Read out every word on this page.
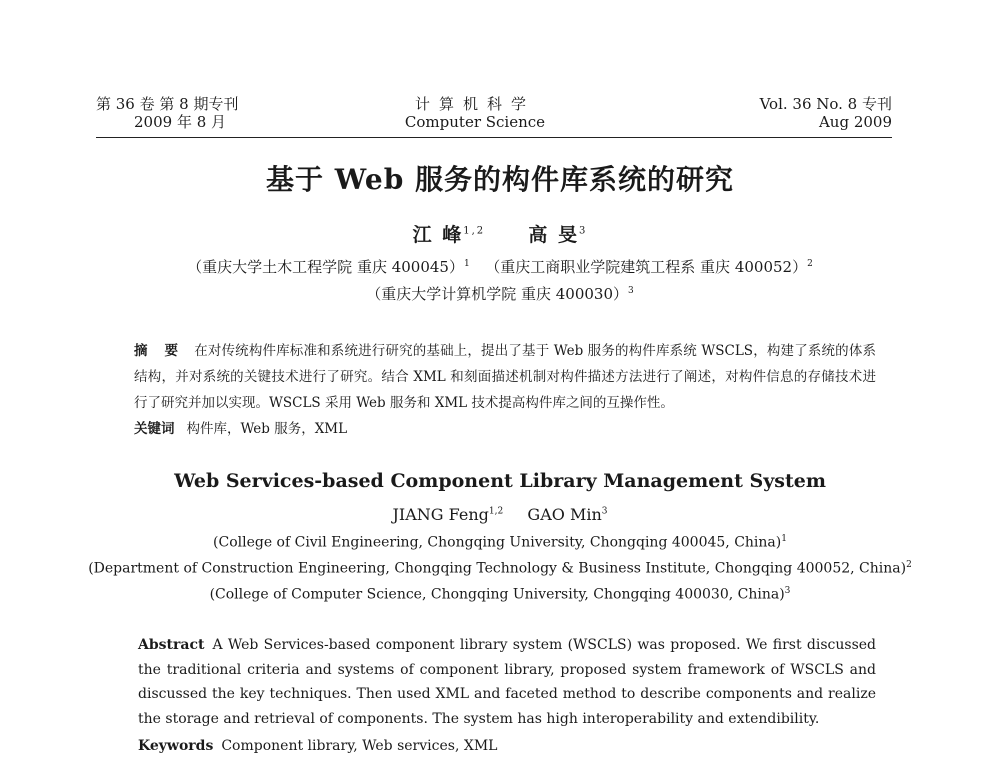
第 36 卷 第 8 期专刊
2009 年 8 月
计算机科学
Computer Science
Vol. 36 No. 8 专刊
Aug 2009
基于 Web 服务的构件库系统的研究
江 峰$^{1,2}$ 高 旻$^3$
（重庆大学土木工程学院 重庆 400045）$^1$ （重庆工商职业学院建筑工程系 重庆 400052）$^2$
（重庆大学计算机学院 重庆 400030）$^3$
摘 要 在对传统构件库标准和系统进行研究的基础上，提出了基于 Web 服务的构件库系统 WSCLS，构建了系统的体系结构，并对系统的关键技术进行了研究。结合 XML 和刻面描述机制对构件描述方法进行了阐述，对构件信息的存储技术进行了研究并加以实现。WSCLS 采用 Web 服务和 XML 技术提高构件库之间的互操作性。
关键词 构件库，Web 服务，XML
Web Services-based Component Library Management System
JIANG Feng$^{1,2}$ GAO Min$^3$
(College of Civil Engineering, Chongqing University, Chongqing 400045, China)$^1$
(Department of Construction Engineering, Chongqing Technology & Business Institute, Chongqing 400052, China)$^2$
(College of Computer Science, Chongqing University, Chongqing 400030, China)$^3$
Abstract A Web Services-based component library system (WSCLS) was proposed. We first discussed the traditional criteria and systems of component library, proposed system framework of WSCLS and discussed the key techniques. Then used XML and faceted method to describe components and realize the storage and retrieval of components. The system has high interoperability and extendibility.
Keywords Component library, Web services, XML
